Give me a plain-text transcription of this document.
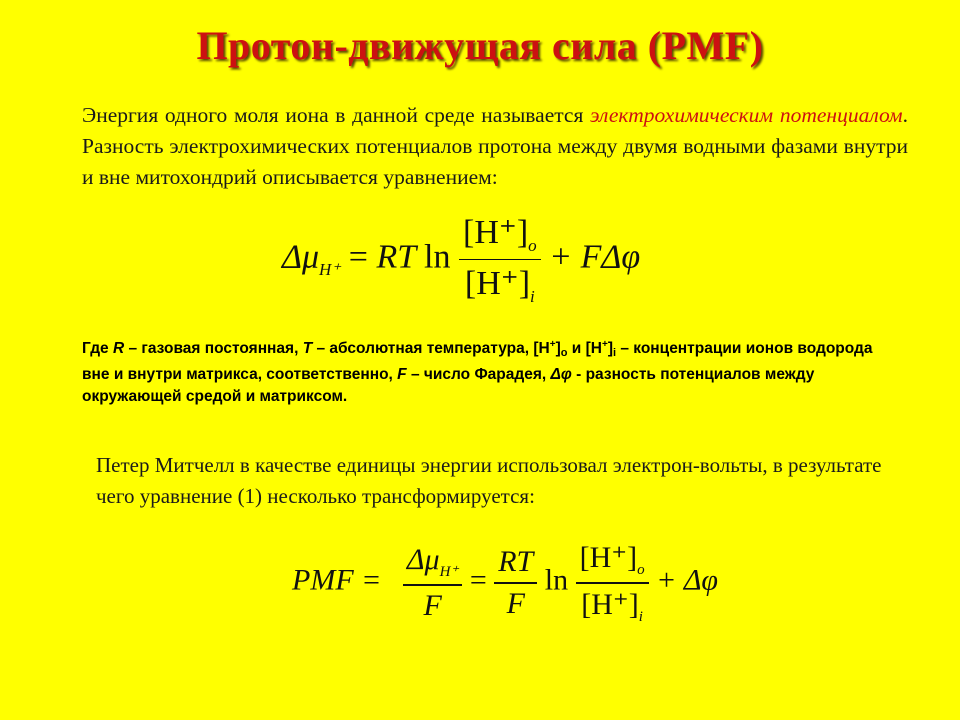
Протон-движущая сила (PMF)
Энергия одного моля иона в данной среде называется электрохимическим потенциалом. Разность электрохимических потенциалов протона между двумя водными фазами внутри и вне митохондрий описывается уравнением:
$\Delta\mu_{H^+}$ = RT $\ln \frac{[H^+]_o}{[H^+]_i} + F\Delta\varphi$
Где R – газовая постоянная, T – абсолютная температура, [H+]o и [H+]i – концентрации ионов водорода вне и внутри матрикса, соответственно, F – число Фарадея, Δφ - разность потенциалов между окружающей средой и матриксом.
Петер Митчелл в качестве единицы энергии использовал электрон-вольты, в результате чего уравнение (1) несколько трансформируется:
PMF = $\frac{\Delta\mu_{H^+}}{F} = \frac{RT}{F}$ $\ln \frac{[H^+]_o}{[H^+]_i} + \Delta\varphi$
